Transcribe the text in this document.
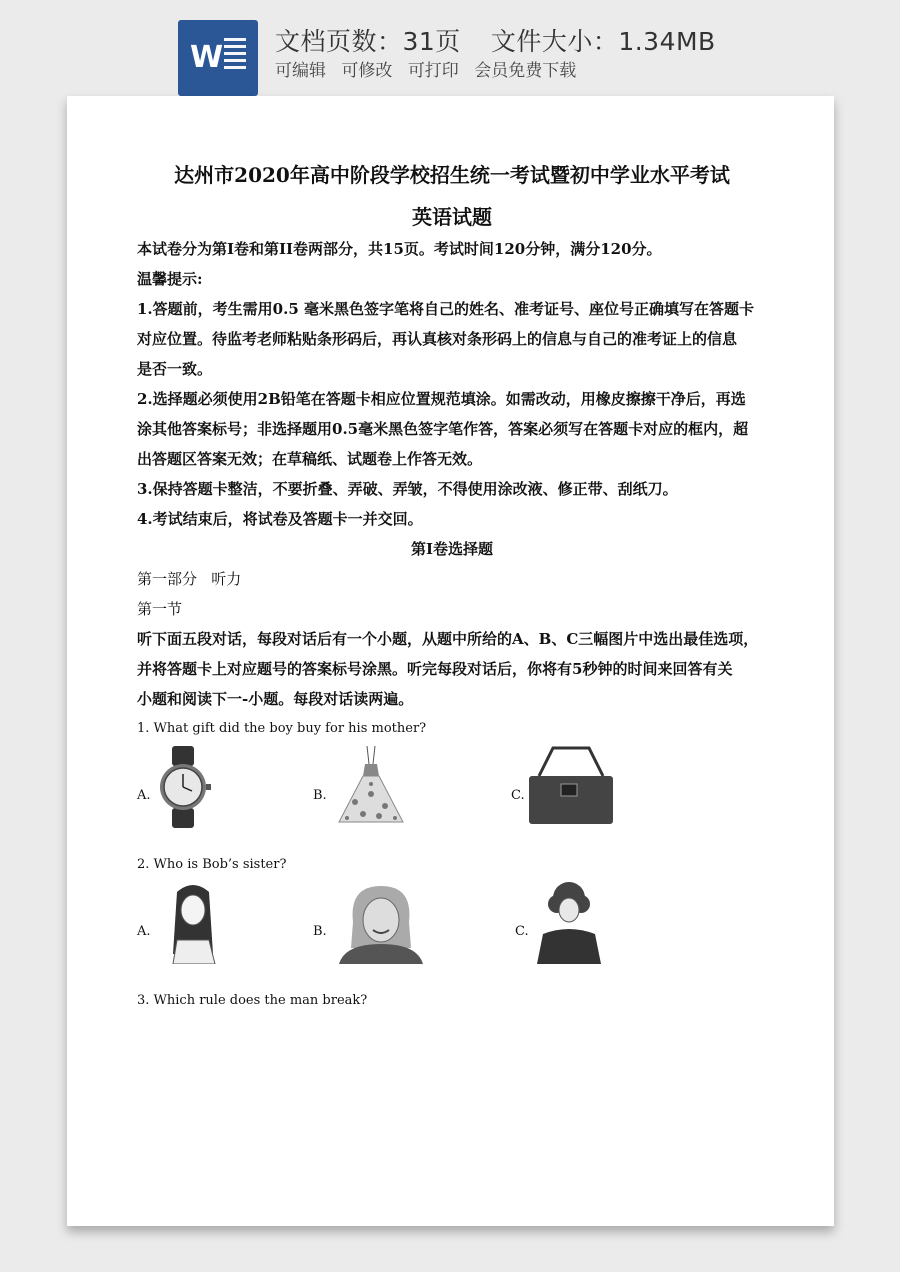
W 文档页数：31页 文件大小：1.34MB
可编辑 可修改 可打印 会员免费下载
达州市2020年高中阶段学校招生统一考试暨初中学业水平考试
英语试题
本试卷分为第I卷和第II卷两部分，共15页。考试时间120分钟，满分120分。
温馨提示:
1.答题前，考生需用0.5 毫米黑色签字笔将自己的姓名、准考证号、座位号正确填写在答题卡
对应位置。待监考老师粘贴条形码后，再认真核对条形码上的信息与自己的准考证上的信息
是否一致。
2.选择题必须使用2B铅笔在答题卡相应位置规范填涂。如需改动，用橡皮擦擦干净后，再选
涂其他答案标号；非选择题用0.5毫米黑色签字笔作答，答案必须写在答题卡对应的框内，超
出答题区答案无效；在草稿纸、试题卷上作答无效。
3.保持答题卡整洁，不要折叠、弄破、弄皱，不得使用涂改液、修正带、刮纸刀。
4.考试结束后，将试卷及答题卡一并交回。
第I卷选择题
第一部分   听力
第一节
听下面五段对话，每段对话后有一个小题，从题中所给的A、B、C三幅图片中选出最佳选项，
并将答题卡上对应题号的答案标号涂黑。听完每段对话后，你将有5秒钟的时间来回答有关
小题和阅读下一-小题。每段对话读两遍。
1. What gift did the boy buy for his mother?
A.	B.	C.
2. Who is Bob’s sister?
A.	B.	C.
3. Which rule does the man break?
